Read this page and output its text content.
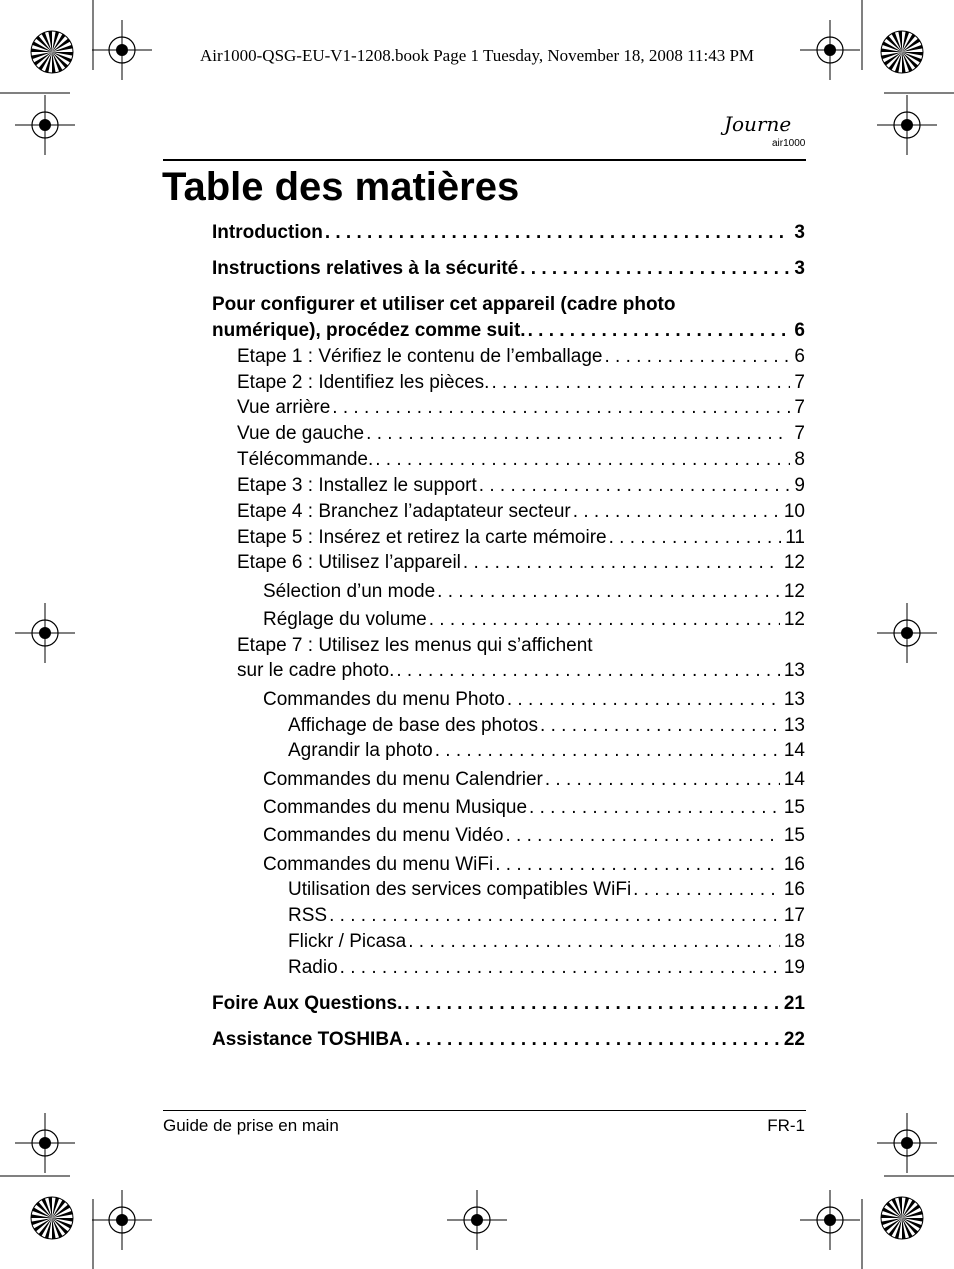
Air1000-QSG-EU-V1-1208.book Page 1 Tuesday, November 18, 2008 11:43 PM
Journe
air1000
Table des matières
Introduction . . .	3
Instructions relatives à la sécurité . . .	3
Pour configurer et utiliser cet appareil (cadre photo
numérique), procédez comme suit. . . .	6
Etape 1 : Vérifiez le contenu de l’emballage . . .	6
Etape 2 : Identifiez les pièces. . . .	7
Vue arrière . . .	7
Vue de gauche . . .	7
Télécommande. . . .	8
Etape 3 : Installez le support . . .	9
Etape 4 : Branchez l’adaptateur secteur . . .	10
Etape 5 : Insérez et retirez la carte mémoire . . .	11
Etape 6 : Utilisez l’appareil . . .	12
Sélection d’un mode . . .	12
Réglage du volume . . .	12
Etape 7 : Utilisez les menus qui s’affichent
sur le cadre photo. . . .	13
Commandes du menu Photo . . .	13
Affichage de base des photos . . .	13
Agrandir la photo . . .	14
Commandes du menu Calendrier . . .	14
Commandes du menu Musique . . .	15
Commandes du menu Vidéo . . .	15
Commandes du menu WiFi . . .	16
Utilisation des services compatibles WiFi . . .	16
RSS . . .	17
Flickr / Picasa . . .	18
Radio . . .	19
Foire Aux Questions. . . .	21
Assistance TOSHIBA . . .	22
Guide de prise en main	FR-1
